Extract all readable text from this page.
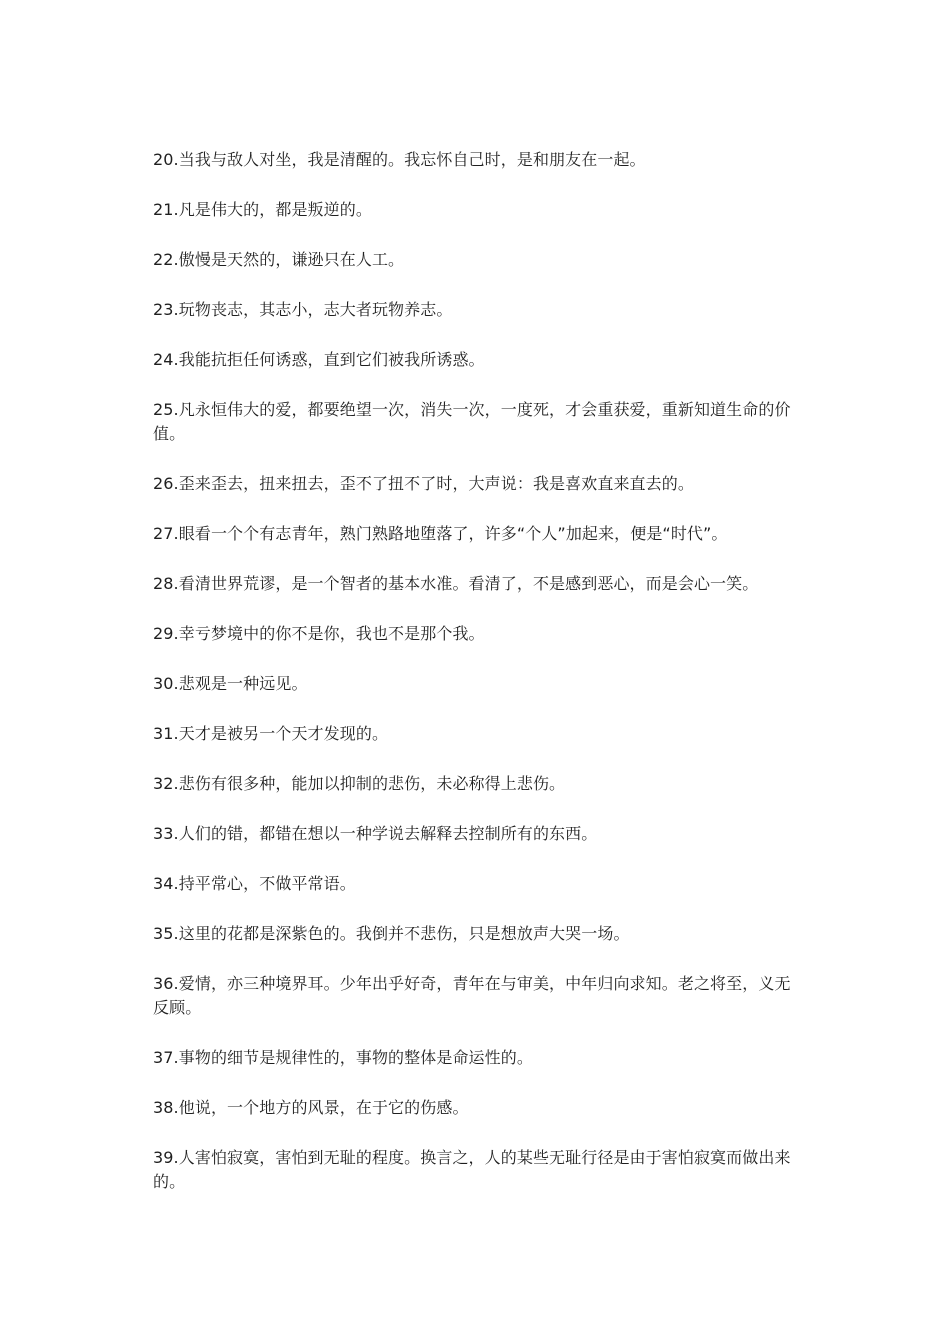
20.当我与敌人对坐，我是清醒的。我忘怀自己时，是和朋友在一起。

21.凡是伟大的，都是叛逆的。

22.傲慢是天然的，谦逊只在人工。

23.玩物丧志，其志小，志大者玩物养志。

24.我能抗拒任何诱惑，直到它们被我所诱惑。

25.凡永恒伟大的爱，都要绝望一次，消失一次，一度死，才会重获爱，重新知道生命的价值。

26.歪来歪去，扭来扭去，歪不了扭不了时，大声说：我是喜欢直来直去的。

27.眼看一个个有志青年，熟门熟路地堕落了，许多“个人”加起来，便是“时代”。

28.看清世界荒谬，是一个智者的基本水准。看清了，不是感到恶心，而是会心一笑。

29.幸亏梦境中的你不是你，我也不是那个我。

30.悲观是一种远见。

31.天才是被另一个天才发现的。

32.悲伤有很多种，能加以抑制的悲伤，未必称得上悲伤。

33.人们的错，都错在想以一种学说去解释去控制所有的东西。

34.持平常心，不做平常语。

35.这里的花都是深紫色的。我倒并不悲伤，只是想放声大哭一场。

36.爱情，亦三种境界耳。少年出乎好奇，青年在与审美，中年归向求知。老之将至，义无反顾。

37.事物的细节是规律性的，事物的整体是命运性的。

38.他说，一个地方的风景，在于它的伤感。

39.人害怕寂寞，害怕到无耻的程度。换言之，人的某些无耻行径是由于害怕寂寞而做出来的。
